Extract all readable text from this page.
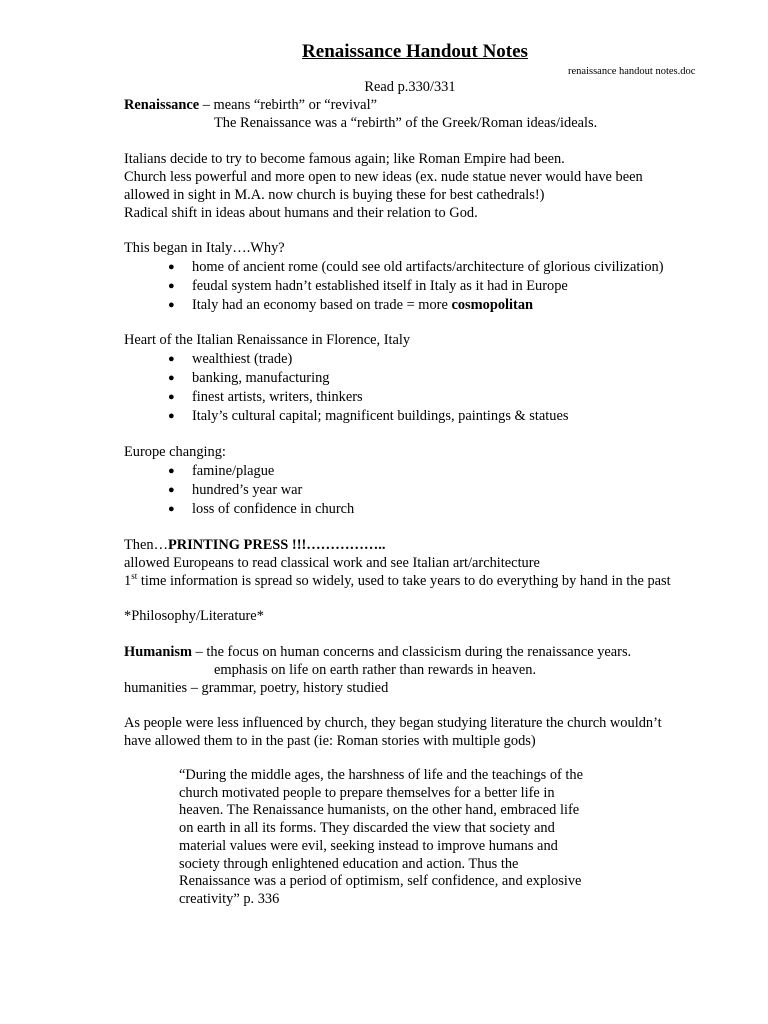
Renaissance Handout Notes
renaissance handout notes.doc
Read p.330/331
Renaissance – means “rebirth” or “revival”
The Renaissance was a “rebirth” of the Greek/Roman ideas/ideals.
Italians decide to try to become famous again; like Roman Empire had been.
Church less powerful and more open to new ideas (ex. nude statue never would have been
allowed in sight in M.A. now church is buying these for best cathedrals!)
Radical shift in ideas about humans and their relation to God.
This began in Italy….Why?
● home of ancient rome (could see old artifacts/architecture of glorious civilization)
● feudal system hadn’t established itself in Italy as it had in Europe
● Italy had an economy based on trade = more cosmopolitan
Heart of the Italian Renaissance in Florence, Italy
● wealthiest (trade)
● banking, manufacturing
● finest artists, writers, thinkers
● Italy’s cultural capital; magnificent buildings, paintings & statues
Europe changing:
● famine/plague
● hundred’s year war
● loss of confidence in church
Then…PRINTING PRESS !!!……………..
allowed Europeans to read classical work and see Italian art/architecture
1st time information is spread so widely, used to take years to do everything by hand in the past
*Philosophy/Literature*
Humanism – the focus on human concerns and classicism during the renaissance years.
emphasis on life on earth rather than rewards in heaven.
humanities – grammar, poetry, history studied
As people were less influenced by church, they began studying literature the church wouldn’t
have allowed them to in the past (ie: Roman stories with multiple gods)
“During the middle ages, the harshness of life and the teachings of the
church motivated people to prepare themselves for a better life in
heaven. The Renaissance humanists, on the other hand, embraced life
on earth in all its forms. They discarded the view that society and
material values were evil, seeking instead to improve humans and
society through enlightened education and action. Thus the
Renaissance was a period of optimism, self confidence, and explosive
creativity” p. 336
